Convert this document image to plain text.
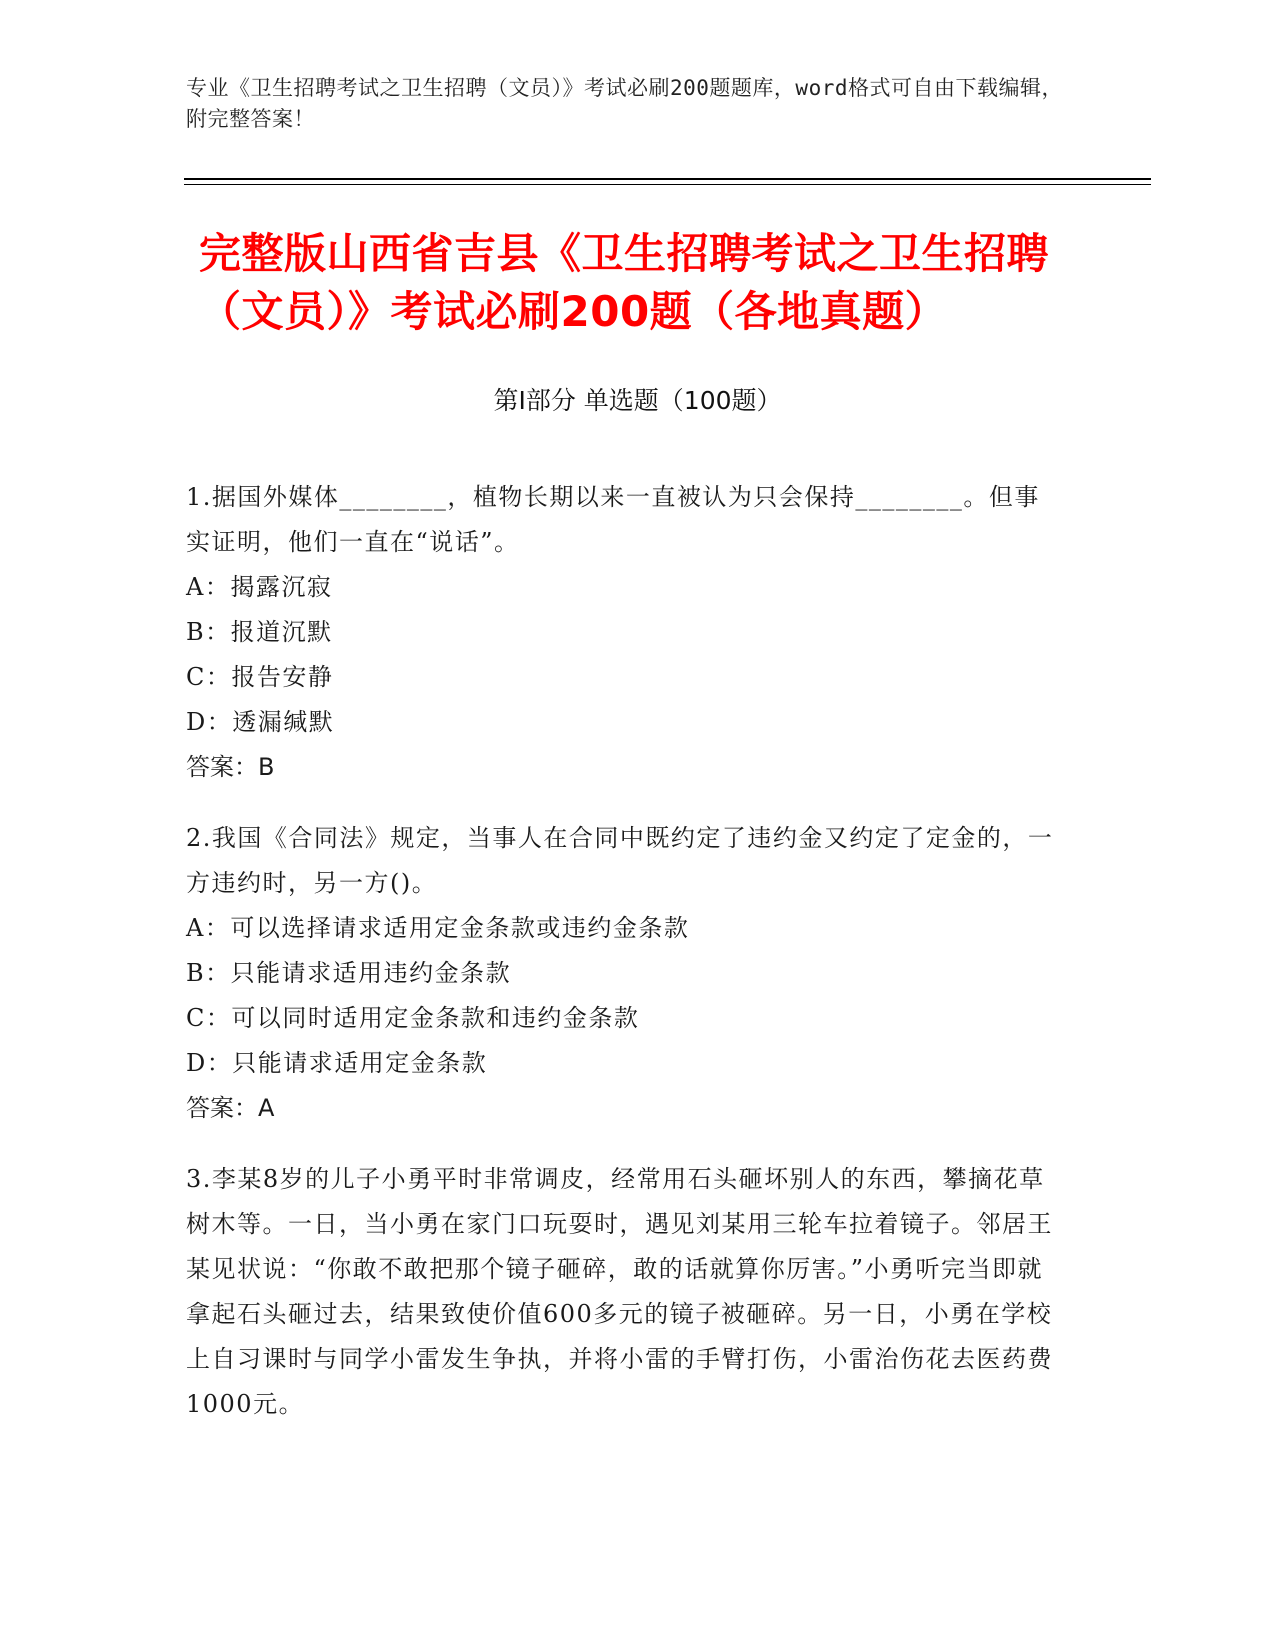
专业《卫生招聘考试之卫生招聘（文员）》考试必刷200题题库，word格式可自由下载编辑，附完整答案！
完整版山西省吉县《卫生招聘考试之卫生招聘（文员）》考试必刷200题（各地真题）
第Ⅰ部分 单选题（100题）

1.据国外媒体________，植物长期以来一直被认为只会保持________。但事实证明，他们一直在“说话”。

A：揭露沉寂

B：报道沉默

C：报告安静

D：透漏缄默

答案：B

2.我国《合同法》规定，当事人在合同中既约定了违约金又约定了定金的，一方违约时，另一方()。

A：可以选择请求适用定金条款或违约金条款

B：只能请求适用违约金条款

C：可以同时适用定金条款和违约金条款

D：只能请求适用定金条款

答案：A

3.李某8岁的儿子小勇平时非常调皮，经常用石头砸坏别人的东西，攀摘花草树木等。一日，当小勇在家门口玩耍时，遇见刘某用三轮车拉着镜子。邻居王某见状说：“你敢不敢把那个镜子砸碎，敢的话就算你厉害。”小勇听完当即就拿起石头砸过去，结果致使价值600多元的镜子被砸碎。另一日，小勇在学校上自习课时与同学小雷发生争执，并将小雷的手臂打伤，小雷治伤花去医药费1000元。
